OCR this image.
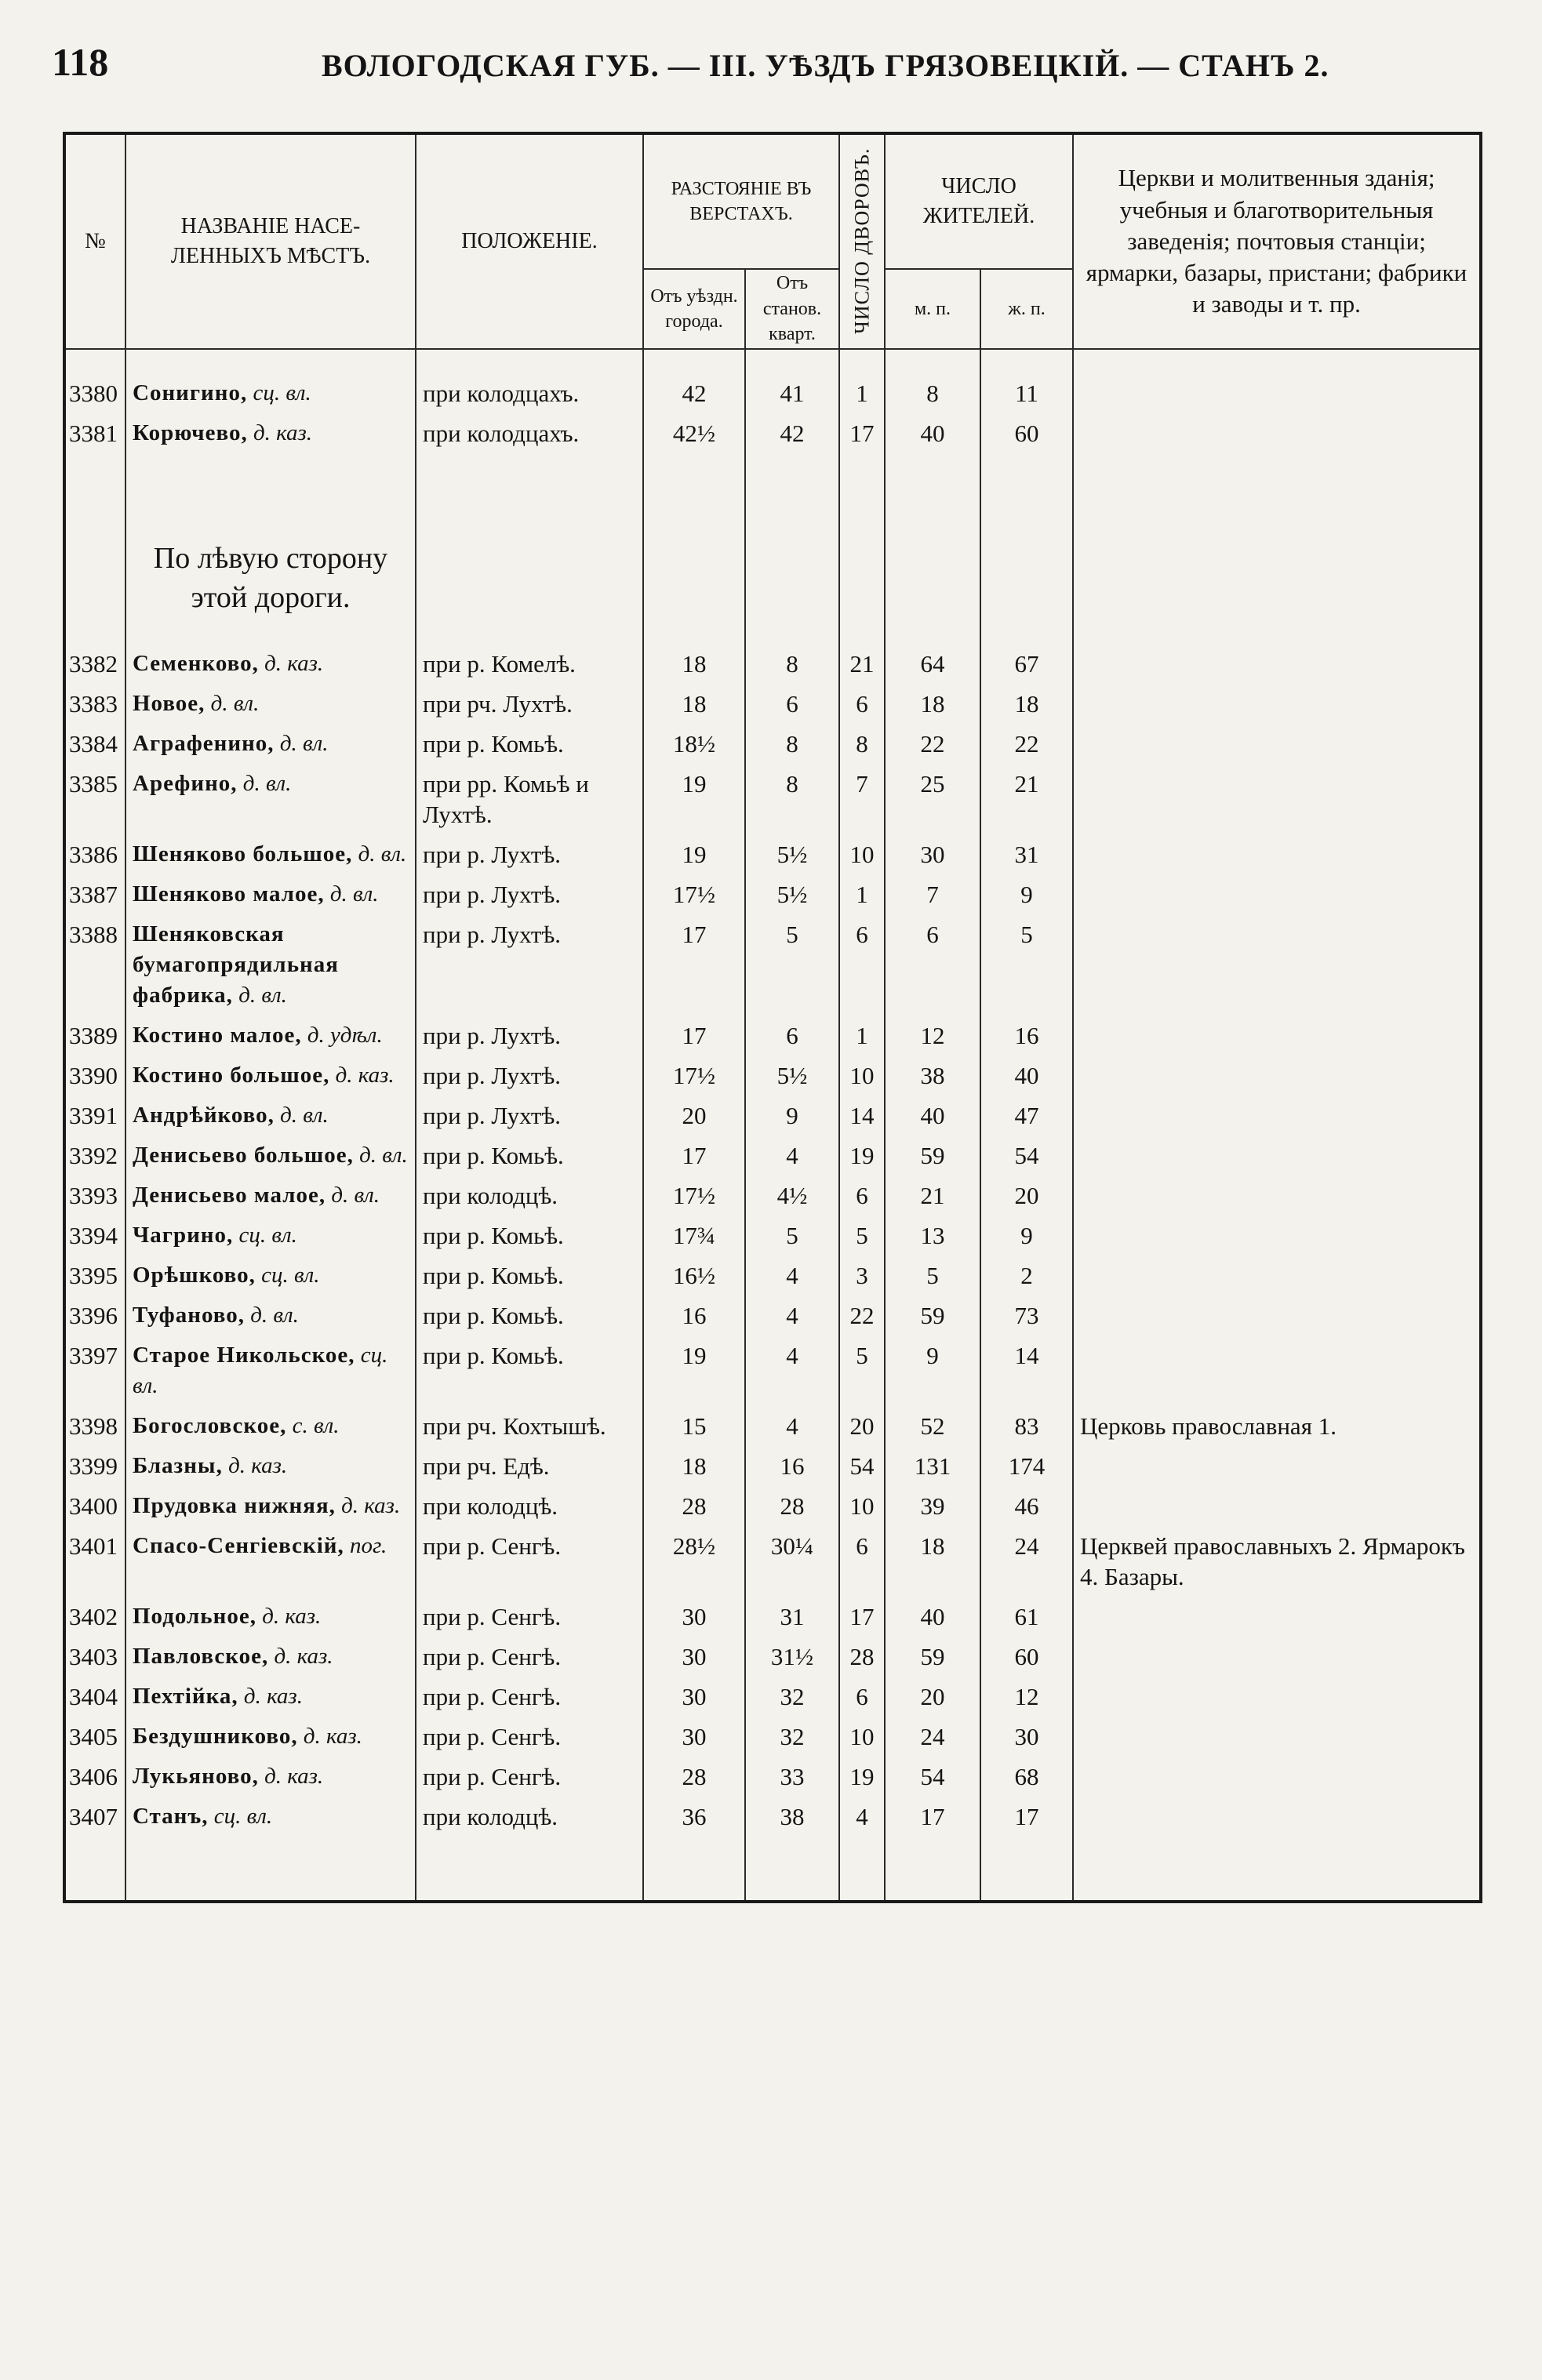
118	ВОЛОГОДСКАЯ ГУБ. — III. УѢЗДЪ ГРЯЗОВЕЦКІЙ. — СТАНЪ 2.
№	НАЗВАНІЕ НАСЕ- ЛЕННЫХЪ МѢСТЪ.	ПОЛОЖЕНІЕ.	РАЗСТОЯНІЕ ВЪ ВЕРСТАХЪ.		ЧИСЛО ДВОРОВЪ.	ЧИСЛО ЖИТЕЛЕЙ.		Церкви и молитвенныя зданія; учебныя и благотворительныя заведенія; почтовыя станціи; ярмарки, базары, пристани; фабрики и заводы и т. пр.
			Отъ уѣздн. города.	Отъ станов. кварт.		м. п.	ж. п.	
3380	Сонигино, сц. вл.	при колодцахъ.	42	41	1	8	11	
3381	Корючево, д. каз.	при колодцахъ.	42½	42	17	40	60	
	По лѣвую сторону этой дороги.							
3382	Семенково, д. каз.	при р. Комелѣ.	18	8	21	64	67	
3383	Новое, д. вл.	при рч. Лухтѣ.	18	6	6	18	18	
3384	Аграфенино, д. вл.	при р. Комьѣ.	18½	8	8	22	22	
3385	Арефино, д. вл.	при рр. Комьѣ и Лухтѣ.	19	8	7	25	21	
3386	Шеняково большое, д. вл.	при р. Лухтѣ.	19	5½	10	30	31	
3387	Шеняково малое, д. вл.	при р. Лухтѣ.	17½	5½	1	7	9	
3388	Шеняковская бумагопрядильная фабрика, д. вл.	при р. Лухтѣ.	17	5	6	6	5	
3389	Костино малое, д. удѣл.	при р. Лухтѣ.	17	6	1	12	16	
3390	Костино большое, д. каз.	при р. Лухтѣ.	17½	5½	10	38	40	
3391	Андрѣйково, д. вл.	при р. Лухтѣ.	20	9	14	40	47	
3392	Денисьево большое, д. вл.	при р. Комьѣ.	17	4	19	59	54	
3393	Денисьево малое, д. вл.	при колодцѣ.	17½	4½	6	21	20	
3394	Чагрино, сц. вл.	при р. Комьѣ.	17¾	5	5	13	9	
3395	Орѣшково, сц. вл.	при р. Комьѣ.	16½	4	3	5	2	
3396	Туфаново, д. вл.	при р. Комьѣ.	16	4	22	59	73	
3397	Старое Никольское, сц. вл.	при р. Комьѣ.	19	4	5	9	14	
3398	Богословское, с. вл.	при рч. Кохтышѣ.	15	4	20	52	83	Церковь православная 1.
3399	Блазны, д. каз.	при рч. Едѣ.	18	16	54	131	174	
3400	Прудовка нижняя, д. каз.	при колодцѣ.	28	28	10	39	46	
3401	Спасо-Сенгіевскій, пог.	при р. Сенгѣ.	28½	30¼	6	18	24	Церквей православныхъ 2. Ярмарокъ 4. Базары.
3402	Подольное, д. каз.	при р. Сенгѣ.	30	31	17	40	61	
3403	Павловское, д. каз.	при р. Сенгѣ.	30	31½	28	59	60	
3404	Пехтійка, д. каз.	при р. Сенгѣ.	30	32	6	20	12	
3405	Бездушниково, д. каз.	при р. Сенгѣ.	30	32	10	24	30	
3406	Лукьяново, д. каз.	при р. Сенгѣ.	28	33	19	54	68	
3407	Станъ, сц. вл.	при колодцѣ.	36	38	4	17	17	
